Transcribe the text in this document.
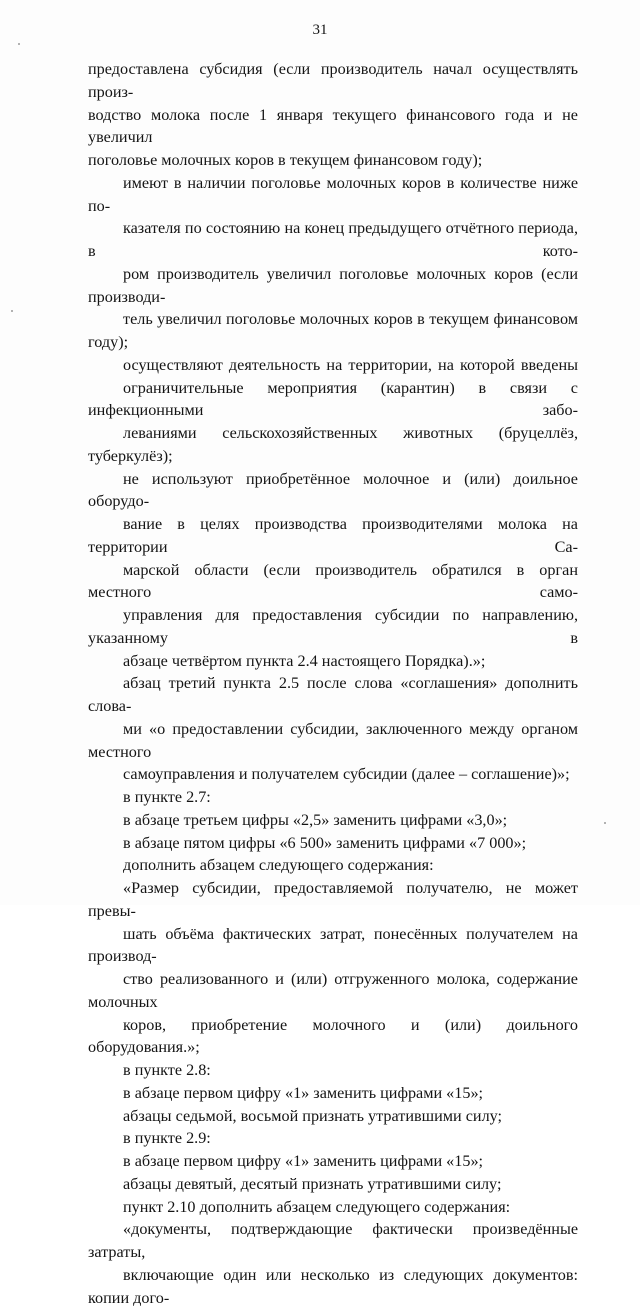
31
предоставлена субсидия (если производитель начал осуществлять произ-
водство молока после 1 января текущего финансового года и не увеличил
поголовье молочных коров в текущем финансовом году);
имеют в наличии поголовье молочных коров в количестве ниже по-
казателя по состоянию на конец предыдущего отчётного периода, в кото-
ром производитель увеличил поголовье молочных коров (если производи-
тель увеличил поголовье молочных коров в текущем финансовом году);
осуществляют деятельность на территории, на которой введены
ограничительные мероприятия (карантин) в связи с инфекционными забо-
леваниями сельскохозяйственных животных (бруцеллёз, туберкулёз);
не используют приобретённое молочное и (или) доильное оборудо-
вание в целях производства производителями молока на территории Са-
марской области (если производитель обратился в орган местного само-
управления для предоставления субсидии по направлению, указанному в
абзаце четвёртом пункта 2.4 настоящего Порядка).»;
абзац третий пункта 2.5 после слова «соглашения» дополнить слова-
ми «о предоставлении субсидии, заключенного между органом местного
самоуправления и получателем субсидии (далее – соглашение)»;
в пункте 2.7:
в абзаце третьем цифры «2,5» заменить цифрами «3,0»;
в абзаце пятом цифры «6 500» заменить цифрами «7 000»;
дополнить абзацем следующего содержания:
«Размер субсидии, предоставляемой получателю, не может превы-
шать объёма фактических затрат, понесённых получателем на производ-
ство реализованного и (или) отгруженного молока, содержание молочных
коров, приобретение молочного и (или) доильного оборудования.»;
в пункте 2.8:
в абзаце первом цифру «1» заменить цифрами «15»;
абзацы седьмой, восьмой признать утратившими силу;
в пункте 2.9:
в абзаце первом цифру «1» заменить цифрами «15»;
абзацы девятый, десятый признать утратившими силу;
пункт 2.10 дополнить абзацем следующего содержания:
«документы, подтверждающие фактически произведённые затраты,
включающие один или несколько из следующих документов: копии дого-
